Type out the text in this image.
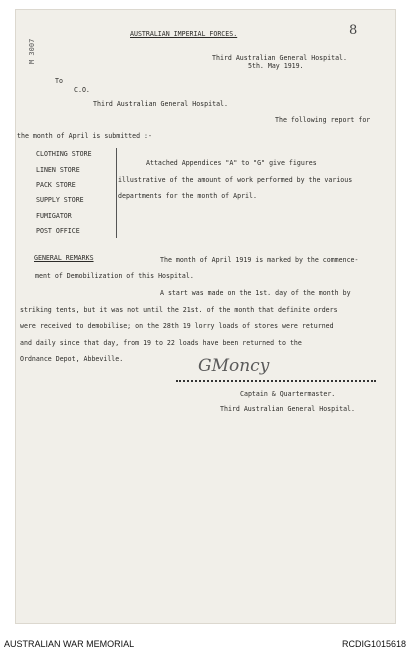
AUSTRALIAN IMPERIAL FORCES.	8
Third Australian General Hospital.
5th. May 1919.
M 3007
To
C.O.
Third Australian General Hospital.
The following report for
the month of April is submitted :-
CLOTHING STORE
LINEN STORE
PACK STORE
SUPPLY STORE
FUMIGATOR
POST OFFICE
Attached Appendices "A" to "G" give figures
illustrative of the amount of work performed by the various
departments for the month of April.
GENERAL REMARKS	The month of April 1919 is marked by the commence-
ment of Demobilization of this Hospital.
A start was made on the 1st. day of the month by
striking tents, but it was not until the 21st. of the month that definite orders
were received to demobilise; on the 28th 19 lorry loads of stores were returned
and daily since that day, from 19 to 22 loads have been returned to the
Ordnance Depot, Abbeville.	GMoncy
Captain & Quartermaster.
Third Australian General Hospital.
AUSTRALIAN WAR MEMORIAL	RCDIG1015618
